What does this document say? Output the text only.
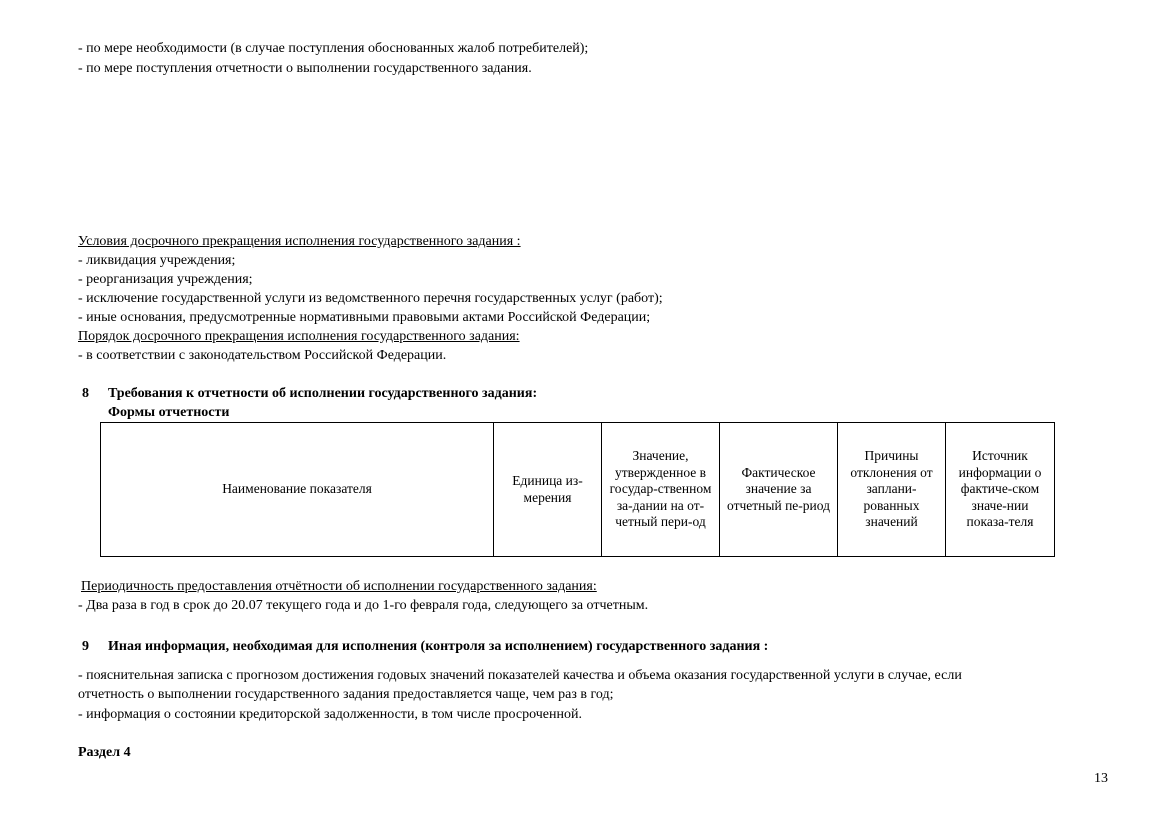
- по мере необходимости (в случае поступления обоснованных жалоб потребителей);
- по мере поступления отчетности о выполнении государственного задания.
Условия досрочного прекращения исполнения государственного задания :
- ликвидация учреждения;
- реорганизация учреждения;
- исключение государственной услуги из ведомственного перечня государственных услуг (работ);
- иные основания, предусмотренные нормативными правовыми актами Российской Федерации;
Порядок досрочного прекращения исполнения государственного задания:
- в соответствии с законодательством Российской Федерации.
8 Требования к отчетности об исполнении государственного задания:
Формы отчетности
Наименование показателя	Единица из-мерения	Значение, утвержденное в государ-ственном за-дании на от-четный пери-од	Фактическое значение за отчетный пе-риод	Причины отклонения от заплани-рованных значений	Источник информации о фактиче-ском значе-нии показа-теля
Периодичность предоставления отчётности об исполнении государственного задания:
- Два раза в год в срок до 20.07 текущего года и до 1-го февраля года, следующего за отчетным.
9 Иная информация, необходимая для исполнения (контроля за исполнением) государственного задания :
- пояснительная записка с прогнозом достижения годовых значений показателей качества и объема оказания государственной услуги в случае, если
отчетность о выполнении государственного задания предоставляется чаще, чем раз в год;
- информация о состоянии кредиторской задолженности, в том числе просроченной.
Раздел 4
13
